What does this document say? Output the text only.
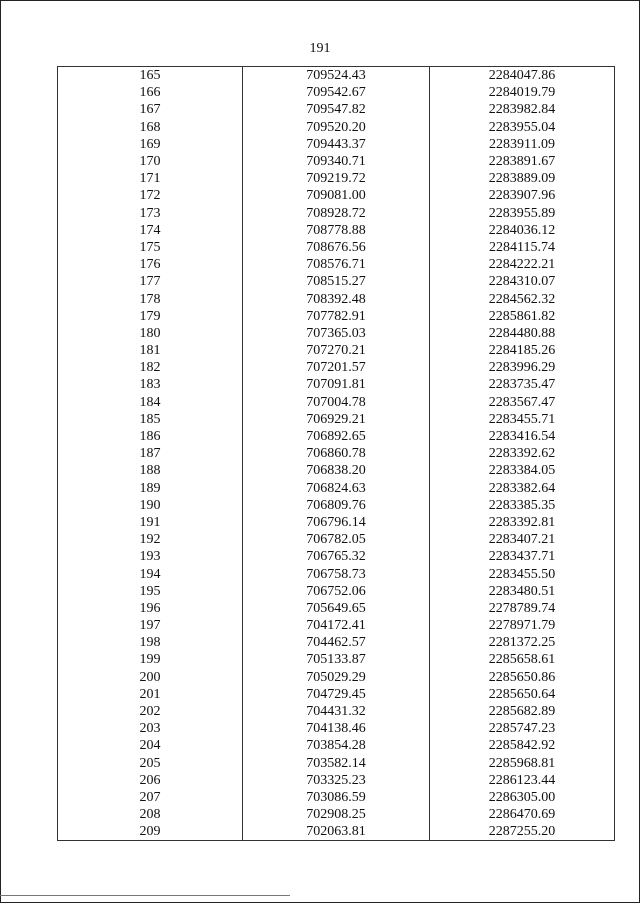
191
165	709524.43	2284047.86
166	709542.67	2284019.79
167	709547.82	2283982.84
168	709520.20	2283955.04
169	709443.37	2283911.09
170	709340.71	2283891.67
171	709219.72	2283889.09
172	709081.00	2283907.96
173	708928.72	2283955.89
174	708778.88	2284036.12
175	708676.56	2284115.74
176	708576.71	2284222.21
177	708515.27	2284310.07
178	708392.48	2284562.32
179	707782.91	2285861.82
180	707365.03	2284480.88
181	707270.21	2284185.26
182	707201.57	2283996.29
183	707091.81	2283735.47
184	707004.78	2283567.47
185	706929.21	2283455.71
186	706892.65	2283416.54
187	706860.78	2283392.62
188	706838.20	2283384.05
189	706824.63	2283382.64
190	706809.76	2283385.35
191	706796.14	2283392.81
192	706782.05	2283407.21
193	706765.32	2283437.71
194	706758.73	2283455.50
195	706752.06	2283480.51
196	705649.65	2278789.74
197	704172.41	2278971.79
198	704462.57	2281372.25
199	705133.87	2285658.61
200	705029.29	2285650.86
201	704729.45	2285650.64
202	704431.32	2285682.89
203	704138.46	2285747.23
204	703854.28	2285842.92
205	703582.14	2285968.81
206	703325.23	2286123.44
207	703086.59	2286305.00
208	702908.25	2286470.69
209	702063.81	2287255.20
